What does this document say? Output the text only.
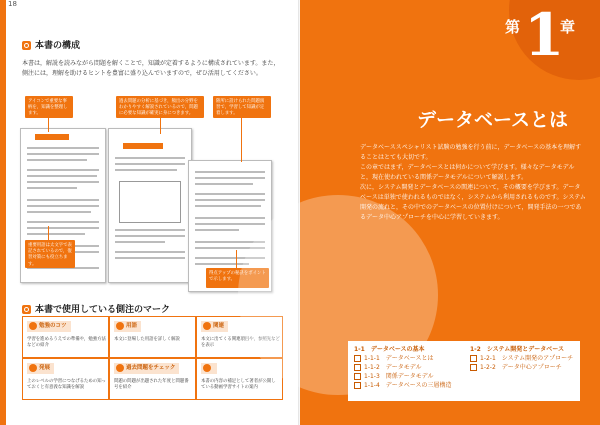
18
本書の構成
本書は，解説を読みながら問題を解くことで，知識が定着するように構成されています。また，側注には，理解を助けるヒントを豊富に盛り込んでいますので，ぜひ活用してください。
アイコンで重要な事柄を，知識を整理します。
過去問題の分析に基づき，頻出の分野をわかりやすく解説されているので，問題に必要な知識が確実に身につきます。
随所に設けられた問題演習で，学習して知識が定着します。
重要用語は太文字で表記されているので，復習対策にも役立ちます。
得点アップの秘訣をポイントで示します。
本書で使用している側注のマーク
勉強のコツ
学習を進めるうえでの準備や，勉強方法などの紹介
用語
本文に登場した用語を詳しく解説
関連
本文に出てくる関連項目や，参照先などを表示
発展
上のレベルの学習につなげるための知っておくと有意義な知識を解説
過去問題をチェック
問題の問題が出題された年度と問題番号を紹介
本書の内容の補足として著者が公開している動画学習サイトの案内
第 1
章
データベースとは
データベーススペシャリスト試験の勉強を行う前に，データベースの基本を理解することはとても大切です。
この章ではまず，データベースとは何かについて学びます。様々なデータモデルと，現在使われている関係データモデルについて解説します。
次に，システム開発とデータベースの関連について，その概要を学びます。データベースは単独で使われるものではなく，システムから利用されるものです。システム開発の流れと，その中でのデータベースの位置付けについて，開発手法の一つであるデータ中心アプローチを中心に学習していきます。
1-1　データベースの基本
1-1-1　データベースとは
1-1-2　データモデル
1-1-3　関係データモデル
1-1-4　データベースの三層構造
1-2　システム開発とデータベース
1-2-1　システム開発のアプローチ
1-2-2　データ中心アプローチ
